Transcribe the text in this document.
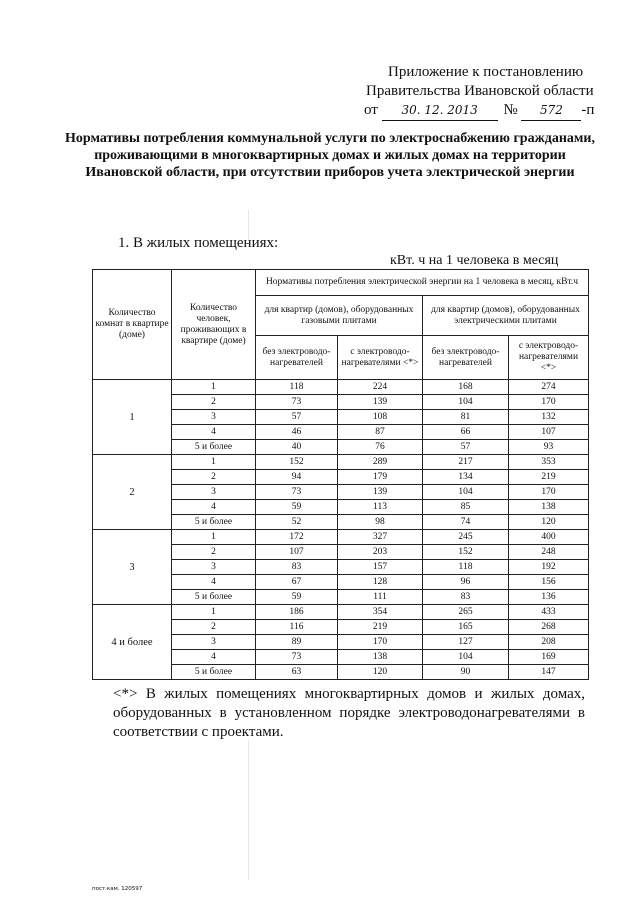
Приложение к постановлению
Правительства Ивановской области
от 30. 12. 2013 № 572 -п
Нормативы потребления коммунальной услуги по электроснабжению гражданами, проживающими в многоквартирных домах и жилых домах на территории Ивановской области, при отсутствии приборов учета электрической энергии
1. В жилых помещениях:
кВт. ч на 1 человека в месяц
Количество комнат в квартире (доме)	Количество человек, проживающих в квартире (доме)	Нормативы потребления электрической энергии на 1 человека в месяц, кВт.ч			
		для квартир (домов), оборудованных газовыми плитами		для квартир (домов), оборудованных электрическими плитами	
		без электроводо-нагревателей	с электроводо-нагревателями <*>	без электроводо-нагревателей	с электроводо-нагревателями <*>
1	1	118	224	168	274
	2	73	139	104	170
	3	57	108	81	132
	4	46	87	66	107
	5 и более	40	76	57	93
2	1	152	289	217	353
	2	94	179	134	219
	3	73	139	104	170
	4	59	113	85	138
	5 и более	52	98	74	120
3	1	172	327	245	400
	2	107	203	152	248
	3	83	157	118	192
	4	67	128	96	156
	5 и более	59	111	83	136
4 и более	1	186	354	265	433
	2	116	219	165	268
	3	89	170	127	208
	4	73	138	104	169
	5 и более	63	120	90	147

<*> В жилых помещениях многоквартирных домов и жилых домах, оборудованных в установленном порядке электроводонагревателями в соответствии с проектами.

пост.кам. 120597
